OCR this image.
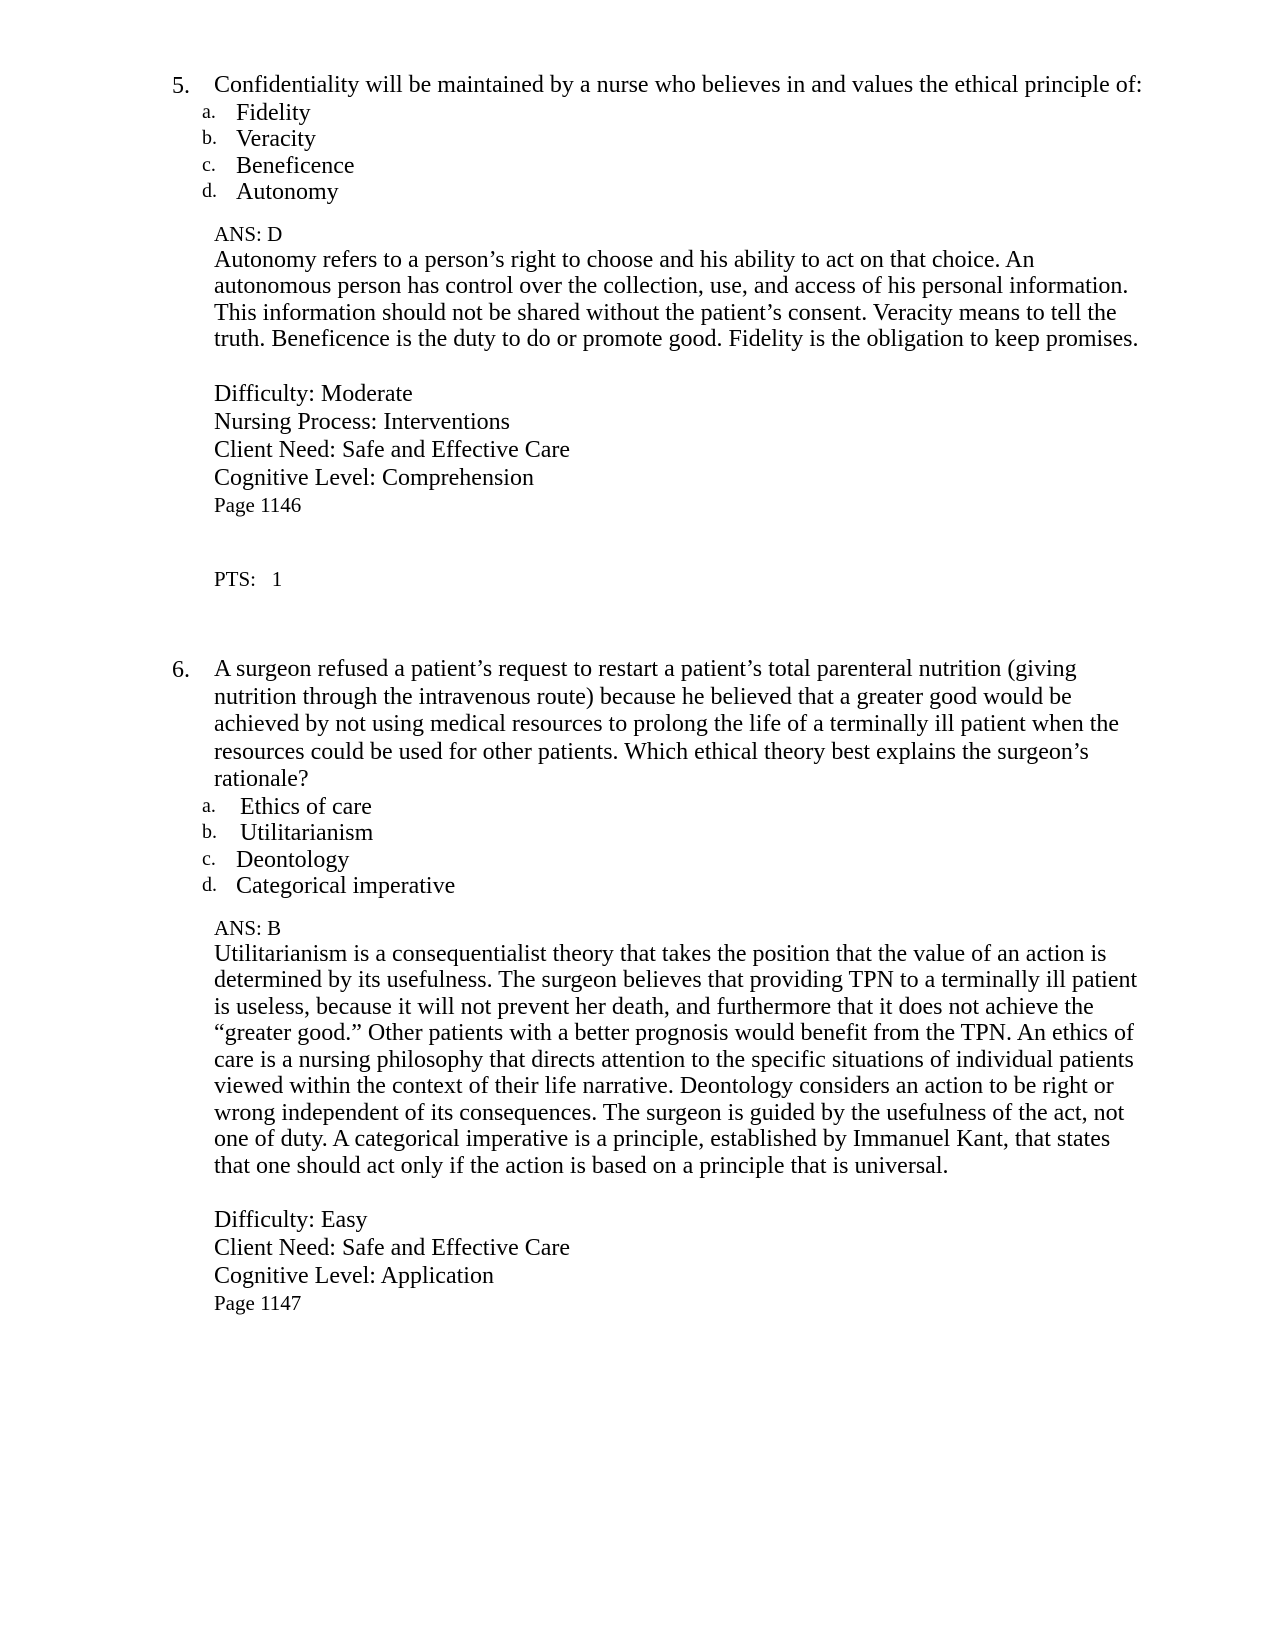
5. Confidentiality will be maintained by a nurse who believes in and values the ethical principle of:
a. Fidelity
b. Veracity
c. Beneficence
d. Autonomy
ANS: D
Autonomy refers to a person’s right to choose and his ability to act on that choice. An autonomous person has control over the collection, use, and access of his personal information. This information should not be shared without the patient’s consent. Veracity means to tell the truth. Beneficence is the duty to do or promote good. Fidelity is the obligation to keep promises.
Difficulty: Moderate
Nursing Process: Interventions
Client Need: Safe and Effective Care
Cognitive Level: Comprehension
Page 1146
PTS:   1
6. A surgeon refused a patient’s request to restart a patient’s total parenteral nutrition (giving nutrition through the intravenous route) because he believed that a greater good would be achieved by not using medical resources to prolong the life of a terminally ill patient when the resources could be used for other patients. Which ethical theory best explains the surgeon’s rationale?
a. Ethics of care
b. Utilitarianism
c. Deontology
d. Categorical imperative
ANS: B
Utilitarianism is a consequentialist theory that takes the position that the value of an action is determined by its usefulness. The surgeon believes that providing TPN to a terminally ill patient is useless, because it will not prevent her death, and furthermore that it does not achieve the “greater good.” Other patients with a better prognosis would benefit from the TPN. An ethics of care is a nursing philosophy that directs attention to the specific situations of individual patients viewed within the context of their life narrative. Deontology considers an action to be right or wrong independent of its consequences. The surgeon is guided by the usefulness of the act, not one of duty. A categorical imperative is a principle, established by Immanuel Kant, that states that one should act only if the action is based on a principle that is universal.
Difficulty: Easy
Client Need: Safe and Effective Care
Cognitive Level: Application
Page 1147
